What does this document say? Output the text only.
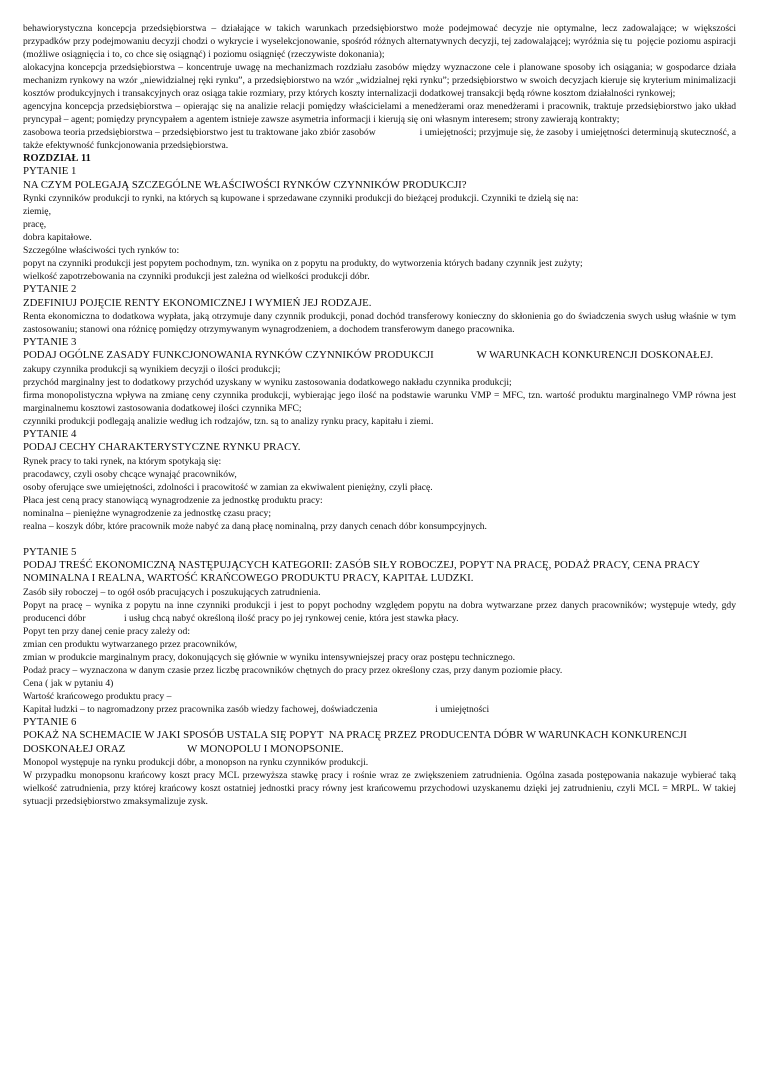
behawiorystyczna koncepcja przedsiębiorstwa – działające w takich warunkach przedsiębiorstwo może podejmować decyzje nie optymalne, lecz zadowalające; w większości przypadków przy podejmowaniu decyzji chodzi o wykrycie i wyselekcjonowanie, spośród różnych alternatywnych decyzji, tej zadowalającej; wyróżnia się tu  pojęcie poziomu aspiracji  (możliwe osiągnięcia i to, co chce się osiągnąć) i poziomu osiągnięć (rzeczywiste dokonania);

alokacyjna koncepcja przedsiębiorstwa – koncentruje uwagę na mechanizmach rozdziału zasobów między wyznaczone cele i planowane sposoby ich osiągania; w gospodarce działa mechanizm rynkowy na wzór „niewidzialnej ręki rynku”, a przedsiębiorstwo na wzór „widzialnej ręki rynku”; przedsiębiorstwo w swoich decyzjach kieruje się kryterium minimalizacji kosztów produkcyjnych i transakcyjnych oraz osiąga takie rozmiary, przy których koszty internalizacji dodatkowej transakcji będą równe kosztom działalności rynkowej;

agencyjna koncepcja przedsiębiorstwa – opierając się na analizie relacji pomiędzy właścicielami a menedżerami oraz menedżerami i pracownik, traktuje przedsiębiorstwo jako układ pryncypał – agent; pomiędzy pryncypałem a agentem istnieje zawsze asymetria informacji i kierują się oni własnym interesem; strony zawierają kontrakty;

zasobowa teoria przedsiębiorstwa – przedsiębiorstwo jest tu traktowane jako zbiór zasobów                  i umiejętności; przyjmuje się, że zasoby i umiejętności determinują skuteczność, a także efektywność funkcjonowania przedsiębiorstwa.

ROZDZIAŁ 11

PYTANIE 1

NA CZYM POLEGAJĄ SZCZEGÓLNE WŁAŚCIWOŚCI RYNKÓW CZYNNIKÓW PRODUKCJI?

Rynki czynników produkcji to rynki, na których są kupowane i sprzedawane czynniki produkcji do bieżącej produkcji. Czynniki te dzielą się na:

ziemię,

pracę,

dobra kapitałowe.

Szczególne właściwości tych rynków to:

popyt na czynniki produkcji jest popytem pochodnym, tzn. wynika on z popytu na produkty, do wytworzenia których badany czynnik jest zużyty;

wielkość zapotrzebowania na czynniki produkcji jest zależna od wielkości produkcji dóbr.

PYTANIE 2

ZDEFINIUJ POJĘCIE RENTY EKONOMICZNEJ I WYMIEŃ JEJ RODZAJE.

Renta ekonomiczna to dodatkowa wypłata, jaką otrzymuje dany czynnik produkcji, ponad dochód transferowy konieczny do skłonienia go do świadczenia swych usług właśnie w tym zastosowaniu; stanowi ona różnicę pomiędzy otrzymywanym wynagrodzeniem, a dochodem transferowym danego pracownika.

PYTANIE 3

PODAJ OGÓLNE ZASADY FUNKCJONOWANIA RYNKÓW CZYNNIKÓW PRODUKCJI                W WARUNKACH KONKURENCJI DOSKONAŁEJ.

zakupy czynnika produkcji są wynikiem decyzji o ilości produkcji;

przychód marginalny jest to dodatkowy przychód uzyskany w wyniku zastosowania dodatkowego nakładu czynnika produkcji;

firma monopolistyczna wpływa na zmianę ceny czynnika produkcji, wybierając jego ilość na podstawie warunku VMP = MFC, tzn. wartość produktu marginalnego VMP równa jest marginalnemu kosztowi zastosowania dodatkowej ilości czynnika MFC;

czynniki produkcji podlegają analizie według ich rodzajów, tzn. są to analizy rynku pracy, kapitału i ziemi.

PYTANIE 4

PODAJ CECHY CHARAKTERYSTYCZNE RYNKU PRACY.

Rynek pracy to taki rynek, na którym spotykają się:

pracodawcy, czyli osoby chcące wynająć pracowników,

osoby oferujące swe umiejętności, zdolności i pracowitość w zamian za ekwiwalent pieniężny, czyli płacę.

Płaca jest ceną pracy stanowiącą wynagrodzenie za jednostkę produktu pracy:

nominalna – pieniężne wynagrodzenie za jednostkę czasu pracy;

realna – koszyk dóbr, które pracownik może nabyć za daną płacę nominalną, przy danych cenach dóbr konsumpcyjnych.

PYTANIE 5

PODAJ TREŚĆ EKONOMICZNĄ NASTĘPUJĄCYCH KATEGORII: ZASÓB SIŁY ROBOCZEJ, POPYT NA PRACĘ, PODAŻ PRACY, CENA PRACY NOMINALNA I REALNA, WARTOŚĆ KRAŃCOWEGO PRODUKTU PRACY, KAPITAŁ LUDZKI.

Zasób siły roboczej – to ogół osób pracujących i poszukujących zatrudnienia.

Popyt na pracę – wynika z popytu na inne czynniki produkcji i jest to popyt pochodny względem popytu na dobra wytwarzane przez danych pracowników; występuje wtedy, gdy producenci dóbr                i usług chcą nabyć określoną ilość pracy po jej rynkowej cenie, która jest stawka płacy.

Popyt ten przy danej cenie pracy zależy od:

zmian cen produktu wytwarzanego przez pracowników,

zmian w produkcie marginalnym pracy, dokonujących się głównie w wyniku intensywniejszej pracy oraz postępu technicznego.

Podaż pracy – wyznaczona w danym czasie przez liczbę pracowników chętnych do pracy przez określony czas, przy danym poziomie płacy.

Cena ( jak w pytaniu 4)

Wartość krańcowego produktu pracy –

Kapitał ludzki – to nagromadzony przez pracownika zasób wiedzy fachowej, doświadczenia                        i umiejętności

PYTANIE 6

POKAŻ NA SCHEMACIE W JAKI SPOSÓB USTALA SIĘ POPYT  NA PRACĘ PRZEZ PRODUCENTA DÓBR W WARUNKACH KONKURENCJI DOSKONAŁEJ ORAZ                       W MONOPOLU I MONOPSONIE.

Monopol występuje na rynku produkcji dóbr, a monopson na rynku czynników produkcji.

W przypadku monopsonu krańcowy koszt pracy MCL przewyższa stawkę pracy i rośnie wraz ze zwiększeniem zatrudnienia. Ogólna zasada postępowania nakazuje wybierać taką wielkość zatrudnienia, przy której krańcowy koszt ostatniej jednostki pracy równy jest krańcowemu przychodowi uzyskanemu dzięki jej zatrudnieniu, czyli MCL = MRPL. W takiej sytuacji przedsiębiorstwo zmaksymalizuje zysk.
